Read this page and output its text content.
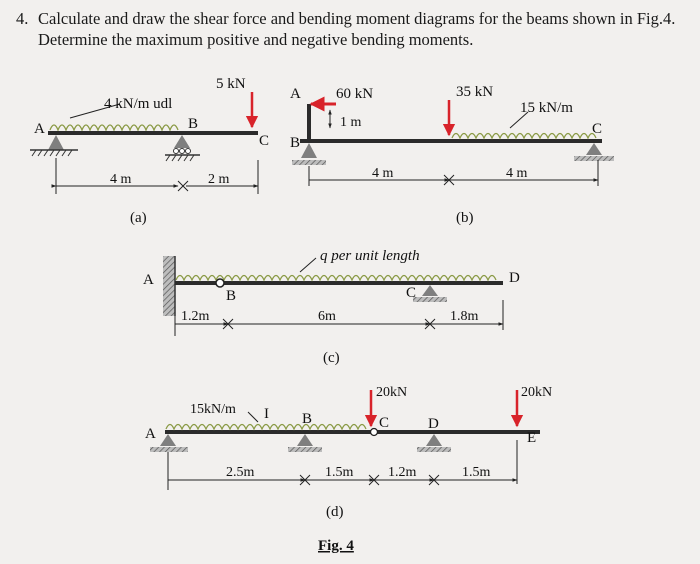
4. Calculate and draw the shear force and bending moment diagrams for the beams shown in Fig.4. Determine the maximum positive and negative bending moments.
4 kN/m udl
5 kN
A	B
C
4 m	2 m
(a)
60 kN
A
1 m
B
35 kN
15 kN/m
C
4 m	4 m
(b)
A
q per unit length
B	C
D
1.2m	6m	1.8m
(c)
15kN/m I
A
B
20kN
C	D
20kN
E
2.5m	1.5m 1.2m	1.5m
(d)
Fig. 4
